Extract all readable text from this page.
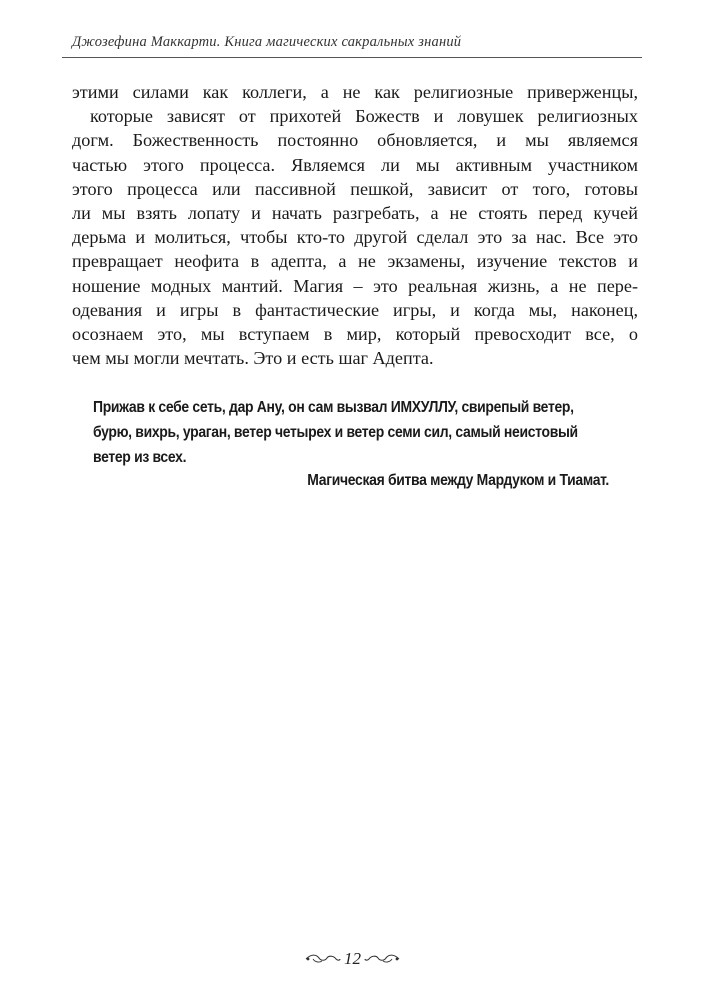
Джозефина Маккарти. Книга магических сакральных знаний
этими силами как коллеги, а не как религиозные приверженцы,
которые зависят от прихотей Божеств и ловушек религиозных
догм. Божественность постоянно обновляется, и мы являемся
частью этого процесса. Являемся ли мы активным участником
этого процесса или пассивной пешкой, зависит от того, готовы
ли мы взять лопату и начать разгребать, а не стоять перед кучей
дерьма и молиться, чтобы кто-то другой сделал это за нас. Все это
превращает неофита в адепта, а не экзамены, изучение текстов и
ношение модных мантий. Магия – это реальная жизнь, а не пере-
одевания и игры в фантастические игры, и когда мы, наконец,
осознаем это, мы вступаем в мир, который превосходит все, о
чем мы могли мечтать. Это и есть шаг Адепта.
Прижав к себе сеть, дар Ану, он сам вызвал ИМХУЛЛУ, свирепый ветер,
бурю, вихрь, ураган, ветер четырех и ветер семи сил, самый неистовый
ветер из всех.
Магическая битва между Мардуком и Тиамат.
12
